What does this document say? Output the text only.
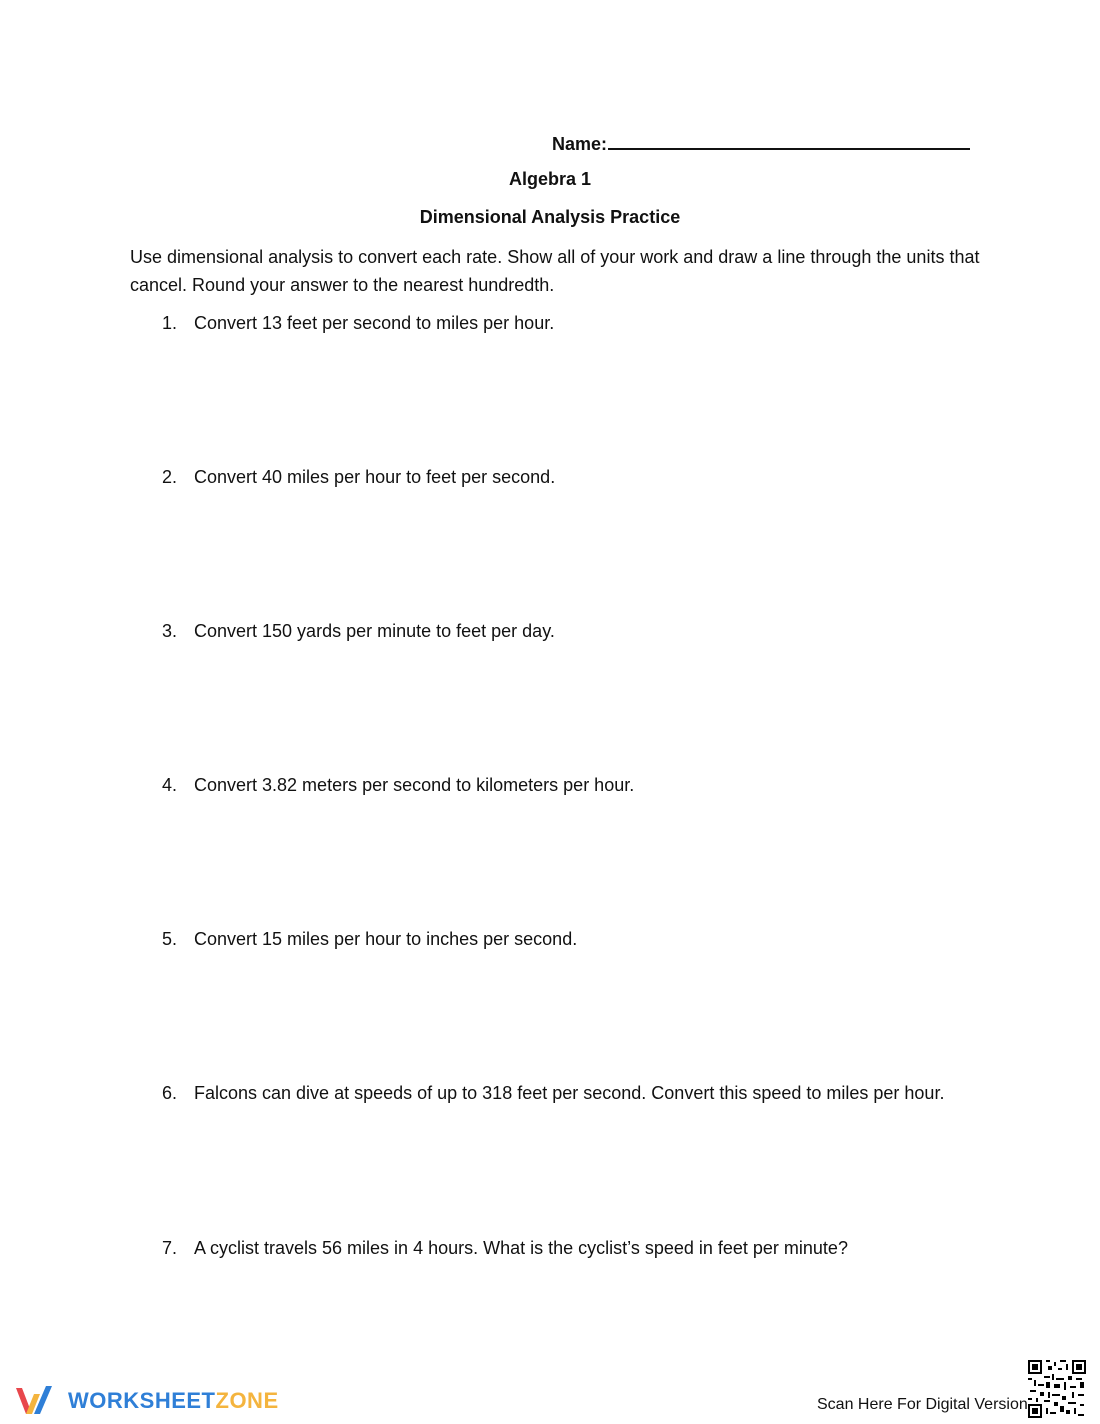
Name:
Algebra 1
Dimensional Analysis Practice
Use dimensional analysis to convert each rate. Show all of your work and draw a line through the units that cancel. Round your answer to the nearest hundredth.
1. Convert 13 feet per second to miles per hour.
2. Convert 40 miles per hour to feet per second.
3. Convert 150 yards per minute to feet per day.
4. Convert 3.82 meters per second to kilometers per hour.
5. Convert 15 miles per hour to inches per second.
6. Falcons can dive at speeds of up to 318 feet per second. Convert this speed to miles per hour.
7. A cyclist travels 56 miles in 4 hours. What is the cyclist’s speed in feet per minute?
WORKSHEETZONE	Scan Here For Digital Version
